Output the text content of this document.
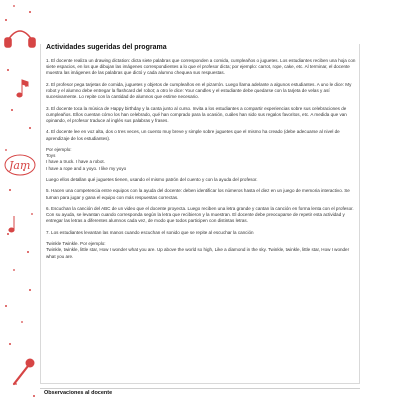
Jam
Actividades sugeridas del programa

1. El docente realiza un drawing dictation: dicta siete palabras que corresponden a comida, cumpleaños o juguetes. Los estudiantes reciben una hoja con siete espacios, en los que dibujan las imágenes correspondientes a lo que el profesor dicta; por ejemplo: carrot, rope, cake, etc. Al terminar, el docente muestra las imágenes de las palabras que dictó y cada alumno chequea sus respuestas.

2. El profesor pega tarjetas de comida, juguetes y objetos de cumpleaños en el pizarrón. Luego llama adelante a algunos estudiantes. A uno le dice: My robot y el alumno debe entregar la flashcard del robot; a otro le dice: Your candles y el estudiante debe quedarse con la tarjeta de velas y así sucesivamente. Lo repite con la cantidad de alumnos que estime necesario.

3. El docente toca la música de Happy birthday y la canta junto al curso. Invita a los estudiantes a compartir experiencias sobre sus celebraciones de cumpleaños. Ellos cuentan cómo los han celebrado, qué han comprado para la ocasión, cuáles han sido sus regalos favoritos, etc. A medida que van opinando, el profesor traduce al inglés sus palabras y frases.

4. El docente lee en voz alta, dos o tres veces, un cuento muy breve y simple sobre juguetes que el mismo ha creado (debe adecuarse al nivel de aprendizaje de los estudiantes).

Por ejemplo:

Toys

I have a truck. I have a robot.

I have a rope and a yoyo. I like my yoyo

Luego ellos detallan qué juguetes tienen, usando el mismo patrón del cuento y con la ayuda del profesor.

5. Hacen una competencia entre equipos con la ayuda del docente: deben identificar los números hasta el diez en un juego de memoria interactivo. Se turnan para jugar y gana el equipo con más respuestas correctas.

6. Escuchan la canción del ABC de un video que el docente proyecta. Luego reciben una letra grande y cantan la canción en forma lenta con el profesor. Con su ayuda, se levantan cuando corresponda según la letra que recibieron y la muestran. El docente debe preocuparse de repetir esta actividad y entregar las letras a diferentes alumnos cada vez, de modo que todos participen con distintas letras.

7. Los estudiantes levantan las manos cuando escuchan el sonido que se repite al escuchar la canción

Twinkle Twinkle. Por ejemplo:

Twinkle, twinkle, little star, How I wonder what you are. Up above the world so high, Like a diamond in the sky. Twinkle, twinkle, little star, How I wonder what you are.

Observaciones al docente
